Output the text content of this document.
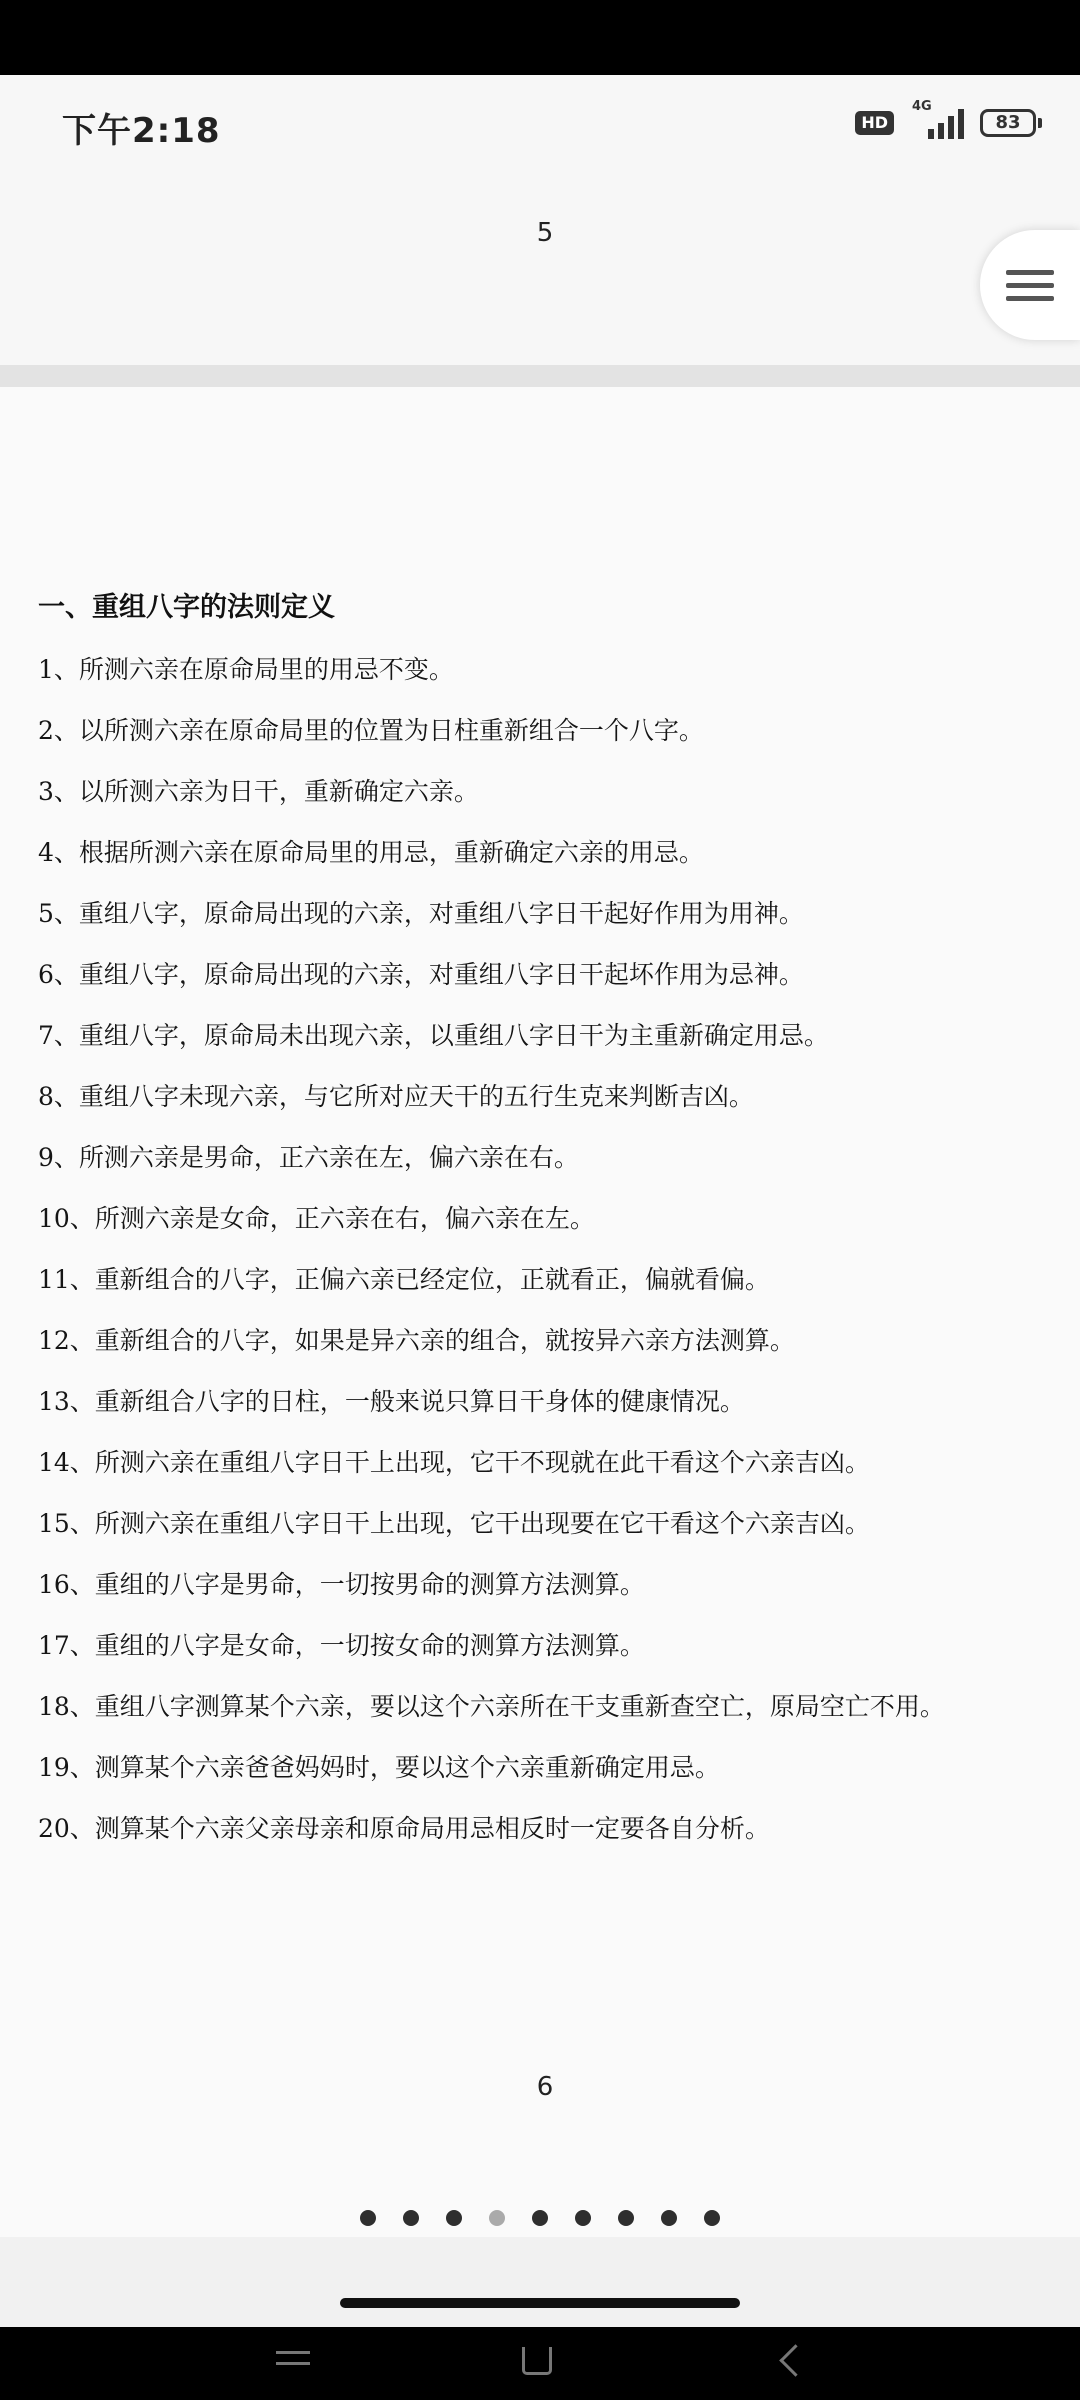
下午2:18	HD
4G
83
5
一、重组八字的法则定义
1、所测六亲在原命局里的用忌不变。
2、以所测六亲在原命局里的位置为日柱重新组合一个八字。
3、以所测六亲为日干，重新确定六亲。
4、根据所测六亲在原命局里的用忌，重新确定六亲的用忌。
5、重组八字，原命局出现的六亲，对重组八字日干起好作用为用神。
6、重组八字，原命局出现的六亲，对重组八字日干起坏作用为忌神。
7、重组八字，原命局未出现六亲，以重组八字日干为主重新确定用忌。
8、重组八字未现六亲，与它所对应天干的五行生克来判断吉凶。
9、所测六亲是男命，正六亲在左，偏六亲在右。
10、所测六亲是女命，正六亲在右，偏六亲在左。
11、重新组合的八字，正偏六亲已经定位，正就看正，偏就看偏。
12、重新组合的八字，如果是异六亲的组合，就按异六亲方法测算。
13、重新组合八字的日柱，一般来说只算日干身体的健康情况。
14、所测六亲在重组八字日干上出现，它干不现就在此干看这个六亲吉凶。
15、所测六亲在重组八字日干上出现，它干出现要在它干看这个六亲吉凶。
16、重组的八字是男命，一切按男命的测算方法测算。
17、重组的八字是女命，一切按女命的测算方法测算。
18、重组八字测算某个六亲，要以这个六亲所在干支重新查空亡，原局空亡不用。
19、测算某个六亲爸爸妈妈时，要以这个六亲重新确定用忌。
20、测算某个六亲父亲母亲和原命局用忌相反时一定要各自分析。
6
